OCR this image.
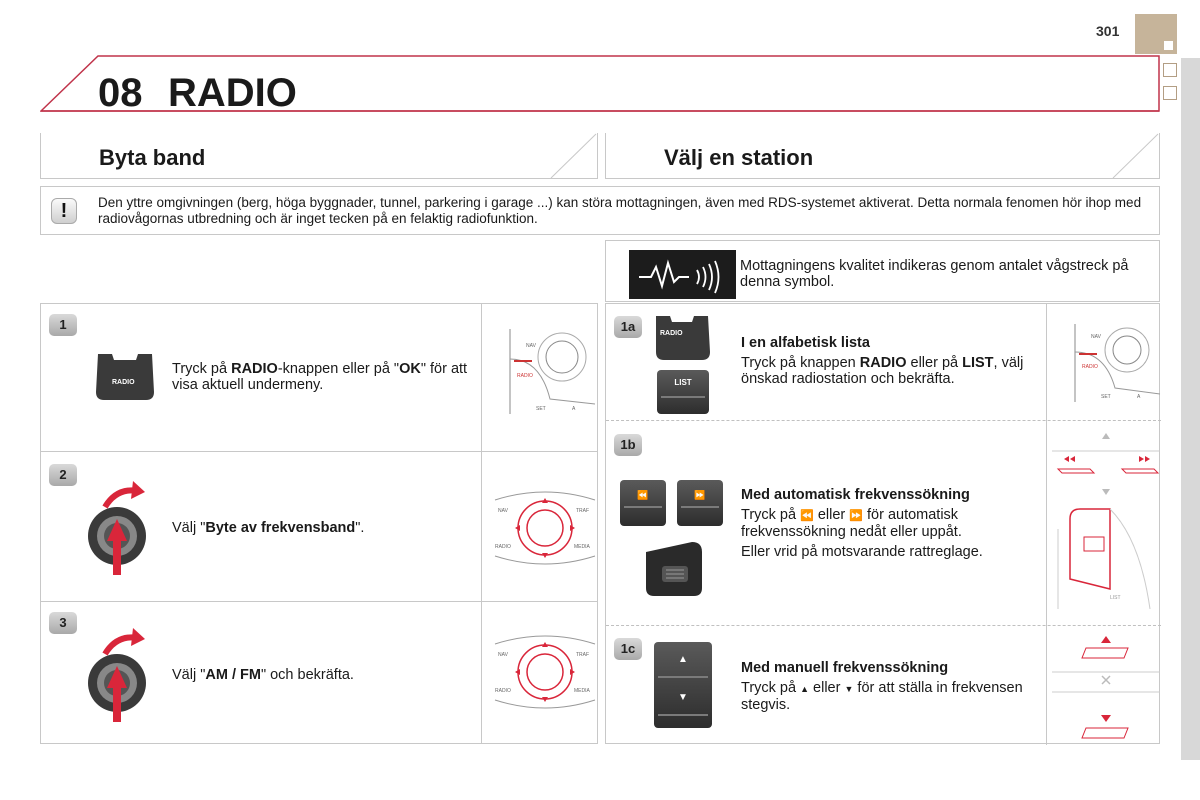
301
08 RADIO
Byta band	Välj en station
!	Den yttre omgivningen (berg, höga byggnader, tunnel, parkering i garage ...) kan störa mottagningen, även med RDS-systemet aktiverat. Detta normala fenomen hör ihop med radiovågornas utbredning och är inget tecken på en felaktig radiofunktion.

Mottagningens kvalitet indikeras genom antalet vågstreck på denna symbol.
1
RADIO
Tryck på RADIO-knappen eller på "OK" för att visa aktuell undermeny.
NAV
RADIO
SET	A
2
Välj "Byte av frekvensband".
NAV	TRAF
RADIO	MEDIA
3
Välj "AM / FM" och bekräfta.
NAV	TRAF
RADIO	MEDIA
1a	RADIO
LIST
I en alfabetisk lista
Tryck på knappen RADIO eller på LIST, välj önskad radiostation och bekräfta.
NAV
RADIO
SET	A
1b
⏪	⏩	Med automatisk frekvenssökning

Tryck på ⏪ eller ⏩ för automatisk frekvenssökning nedåt eller uppåt.

Eller vrid på motsvarande rattreglage.

LIST
1c
▲
▼
Med manuell frekvenssökning
Tryck på ▲ eller ▼ för att ställa in frekvensen stegvis.
